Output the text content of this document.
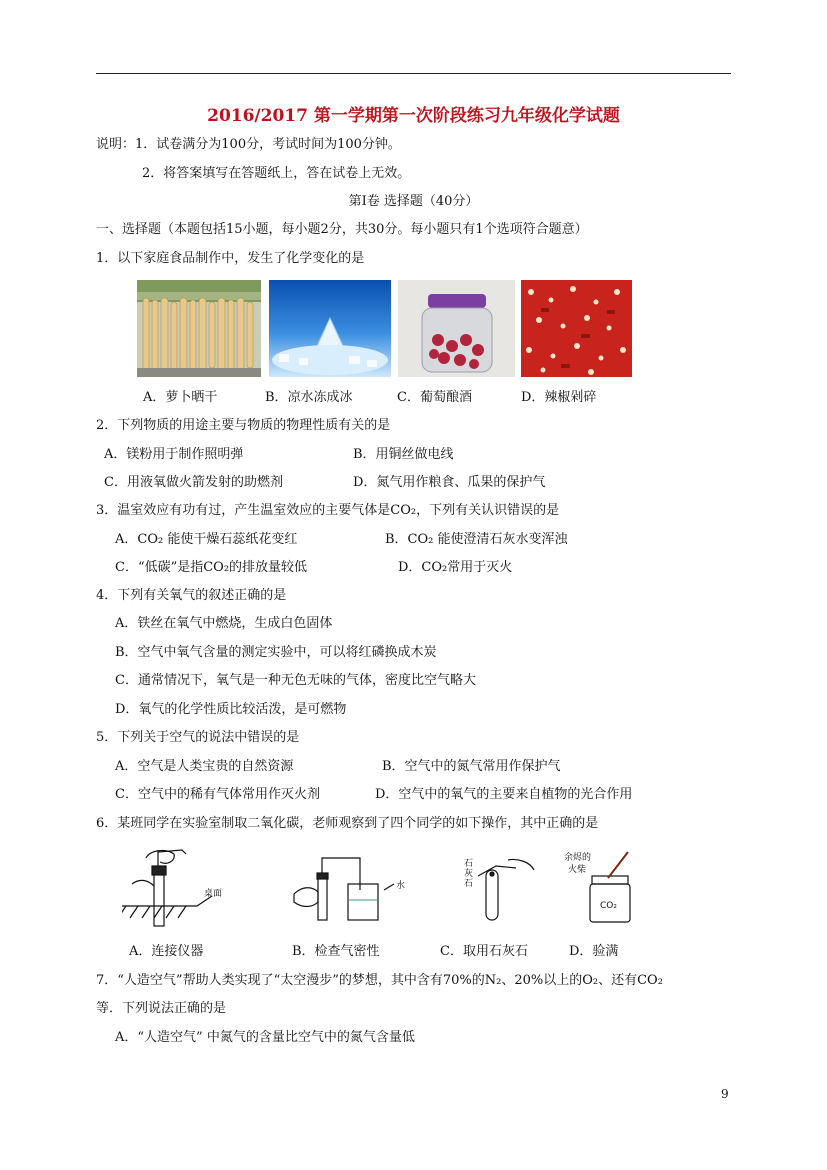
2016/2017 第一学期第一次阶段练习九年级化学试题
说明：1．试卷满分为100分，考试时间为100分钟。
2．将答案填写在答题纸上，答在试卷上无效。
第Ⅰ卷 选择题（40分）
一、选择题（本题包括15小题，每小题2分，共30分。每小题只有1个选项符合题意）
1．以下家庭食品制作中，发生了化学变化的是
A．萝卜晒干	B．凉水冻成冰	C．葡萄酿酒	D．辣椒剁碎
2．下列物质的用途主要与物质的物理性质有关的是
A．镁粉用于制作照明弹	B．用铜丝做电线
C．用液氧做火箭发射的助燃剂	D．氮气用作粮食、瓜果的保护气
3．温室效应有功有过，产生温室效应的主要气体是CO₂，下列有关认识错误的是
A．CO₂ 能使干燥石蕊纸花变红	B．CO₂ 能使澄清石灰水变浑浊
C．“低碳”是指CO₂的排放量较低	D．CO₂常用于灭火
4．下列有关氧气的叙述正确的是
A．铁丝在氧气中燃烧，生成白色固体
B．空气中氧气含量的测定实验中，可以将红磷换成木炭
C．通常情况下，氧气是一种无色无味的气体，密度比空气略大
D．氧气的化学性质比较活泼，是可燃物
5．下列关于空气的说法中错误的是
A．空气是人类宝贵的自然资源	B．空气中的氮气常用作保护气
C．空气中的稀有气体常用作灭火剂	D．空气中的氧气的主要来自植物的光合作用
6．某班同学在实验室制取二氧化碳，老师观察到了四个同学的如下操作，其中正确的是
桌面
水
石
灰
石
余烬的
火柴
CO₂
A．连接仪器	B．检查气密性	C．取用石灰石	D．验满
7．“人造空气”帮助人类实现了“太空漫步”的梦想，其中含有70%的N₂、20%以上的O₂、还有CO₂
等．下列说法正确的是
A．“人造空气” 中氮气的含量比空气中的氮气含量低
9
